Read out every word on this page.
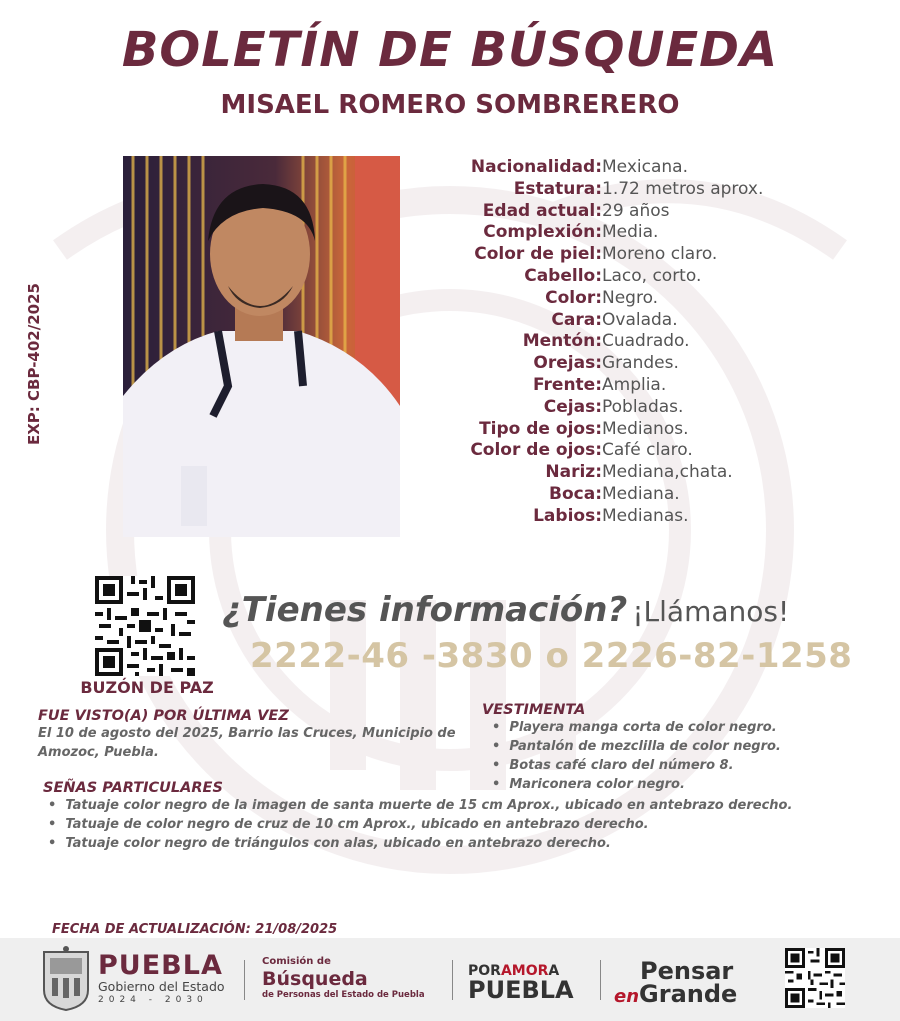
BOLETÍN DE BÚSQUEDA
MISAEL ROMERO SOMBRERERO
EXP: CBP-402/2025
Nacionalidad: Mexicana.
Estatura: 1.72 metros aprox.
Edad actual: 29 años
Complexión: Media.
Color de piel: Moreno claro.
Cabello: Laco, corto.
Color: Negro.
Cara: Ovalada.
Mentón: Cuadrado.
Orejas: Grandes.
Frente: Amplia.
Cejas: Pobladas.
Tipo de ojos: Medianos.
Color de ojos: Café claro.
Nariz: Mediana,chata.
Boca: Mediana.
Labios: Medianas.
BUZÓN DE PAZ
¿Tienes información? ¡Llámanos!
2222-46 -3830 o 2226-82-1258
FUE VISTO(A) POR ÚLTIMA VEZ
El 10 de agosto del 2025, Barrio las Cruces, Municipio de Amozoc, Puebla.
VESTIMENTA
• Playera manga corta de color negro.
• Pantalón de mezclilla de color negro.
• Botas café claro del número 8.
• Mariconera color negro.
SEÑAS PARTICULARES
• Tatuaje color negro de la imagen de santa muerte de 15 cm Aprox., ubicado en antebrazo derecho.
• Tatuaje de color negro de cruz de 10 cm Aprox., ubicado en antebrazo derecho.
• Tatuaje color negro de triángulos con alas, ubicado en antebrazo derecho.
FECHA DE ACTUALIZACIÓN: 21/08/2025
PUEBLA
Gobierno del Estado
2024 - 2030
Comisión de
Búsqueda
de Personas del Estado de Puebla
PORAMORA
PUEBLA
Pensar
enGrande
